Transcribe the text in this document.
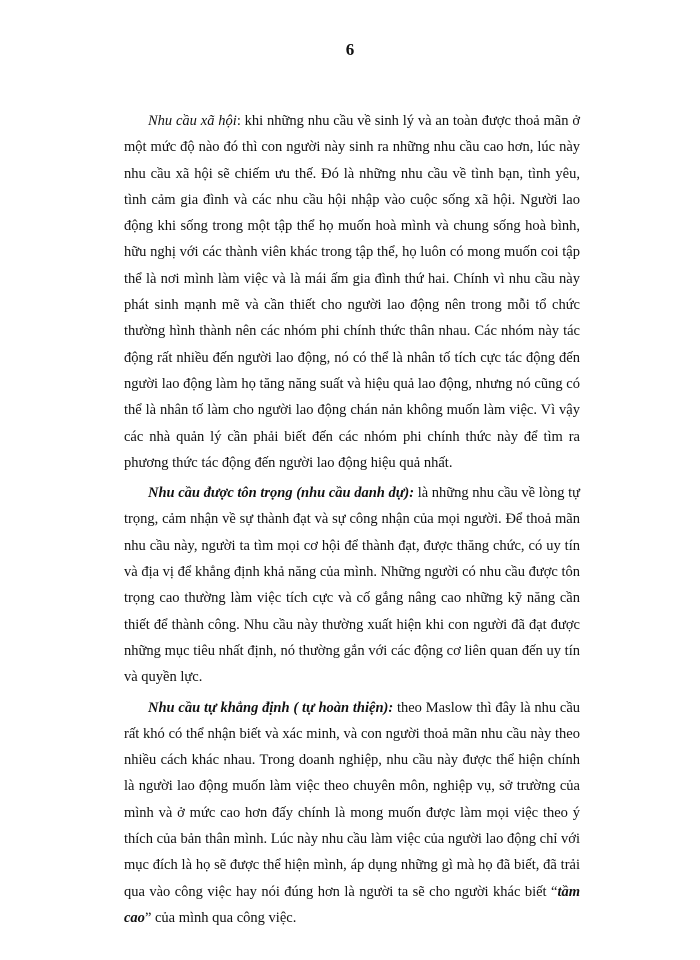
6

Nhu cầu xã hội: khi những nhu cầu về sinh lý và an toàn được thoả mãn ở một mức độ nào đó thì con người này sinh ra những nhu cầu cao hơn, lúc này nhu cầu xã hội sẽ chiếm ưu thế. Đó là những nhu cầu về tình bạn, tình yêu, tình cảm gia đình và các nhu cầu hội nhập vào cuộc sống xã hội. Người lao động khi sống trong một tập thể họ muốn hoà mình và chung sống hoà bình, hữu nghị với các thành viên khác trong tập thể, họ luôn có mong muốn coi tập thể là nơi mình làm việc và là mái ấm gia đình thứ hai. Chính vì nhu cầu này phát sinh mạnh mẽ và cần thiết cho người lao động nên trong mỗi tổ chức thường hình thành nên các nhóm phi chính thức thân nhau. Các nhóm này tác động rất nhiều đến người lao động, nó có thể là nhân tố tích cực tác động đến người lao động làm họ tăng năng suất và hiệu quả lao động, nhưng nó cũng có thể là nhân tố làm cho người lao động chán nản không muốn làm việc. Vì vậy các nhà quản lý cần phải biết đến các nhóm phi chính thức này để tìm ra phương thức tác động đến người lao động hiệu quả nhất.

Nhu cầu được tôn trọng (nhu cầu danh dự): là những nhu cầu về lòng tự trọng, cảm nhận về sự thành đạt và sự công nhận của mọi người. Để thoả mãn nhu cầu này, người ta tìm mọi cơ hội để thành đạt, được thăng chức, có uy tín và địa vị để khẳng định khả năng của mình. Những người có nhu cầu được tôn trọng cao thường làm việc tích cực và cố gắng nâng cao những kỹ năng cần thiết để thành công. Nhu cầu này thường xuất hiện khi con người đã đạt được những mục tiêu nhất định, nó thường gắn với các động cơ liên quan đến uy tín và quyền lực.

Nhu cầu tự khẳng định ( tự hoàn thiện): theo Maslow thì đây là nhu cầu rất khó có thể nhận biết và xác minh, và con người thoả mãn nhu cầu này theo nhiều cách khác nhau. Trong doanh nghiệp, nhu cầu này được thể hiện chính là người lao động muốn làm việc theo chuyên môn, nghiệp vụ, sở trường của mình và ở mức cao hơn đấy chính là mong muốn được làm mọi việc theo ý thích của bản thân mình. Lúc này nhu cầu làm việc của người lao động chỉ với mục đích là họ sẽ được thể hiện mình, áp dụng những gì mà họ đã biết, đã trải qua vào công việc hay nói đúng hơn là người ta sẽ cho người khác biết “tầm cao” của mình qua công việc.
